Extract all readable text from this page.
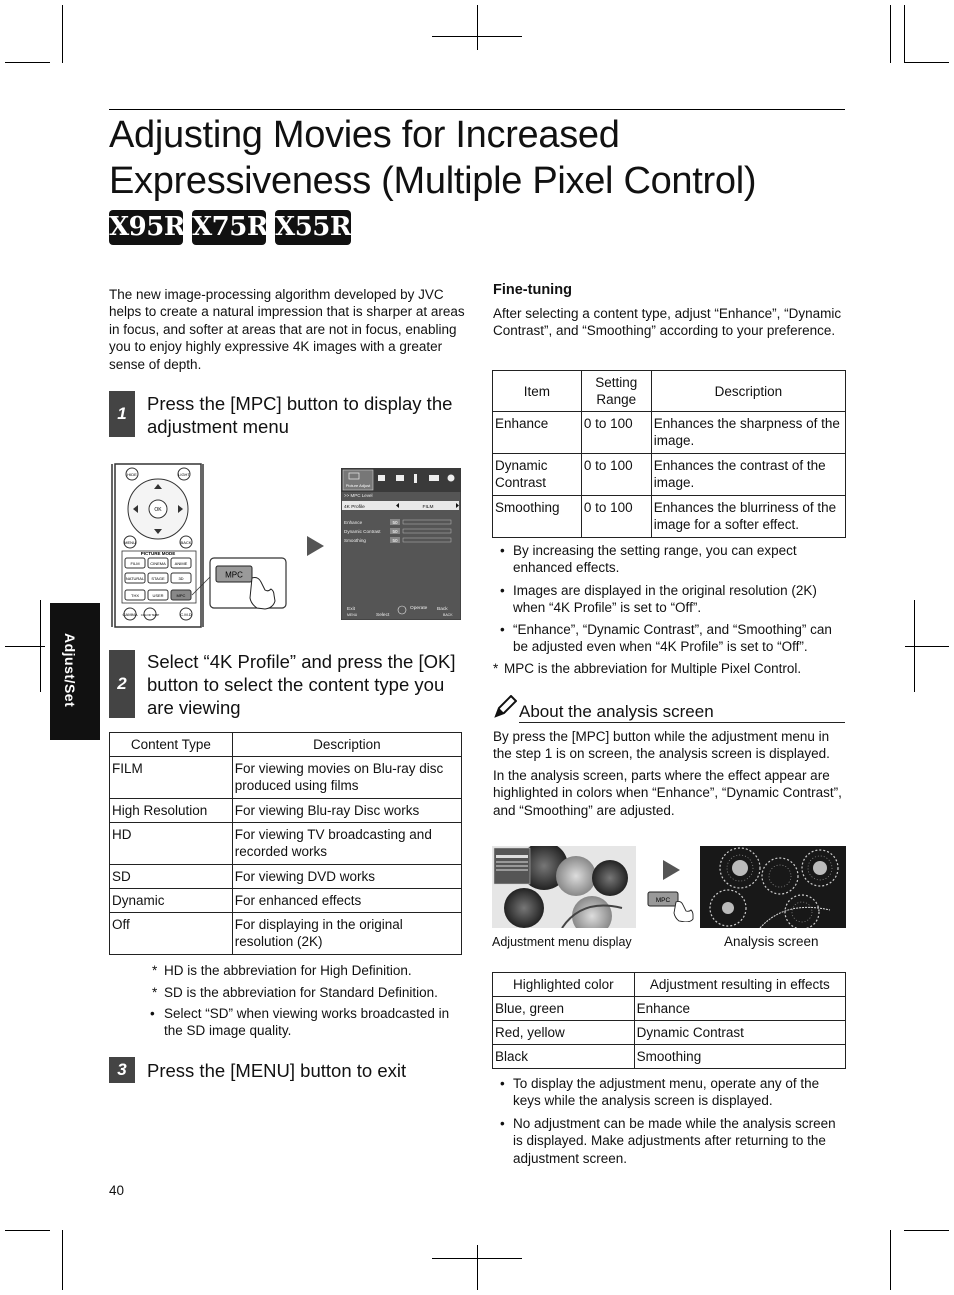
Adjusting Movies for Increased
Expressiveness (Multiple Pixel Control)
X95R X75R X55R
Adjust/Set
The new image-processing algorithm developed by JVC helps to create a natural impression that is sharper at areas in focus, and softer at areas that are not in focus, enabling you to enjoy highly expressive 4K images with a greater sense of depth.
1	Press the [MPC] button to display the adjustment menu
HIDE	LIGHT
OK
MENU	BACK
PICTURE MODE
FILM	CINEMA ANIME
NATURAL STAGE	3D
THX	USER	MPC
GAMMA COLOR TEMP	C.M.D
MPC
Picture Adjust
>> MPC Level
4K Profile	FILM
Enhance	50
Dynamic Contrast	50
Smoothing	50
Exit
MENU	Select
Operate Back
BACK
2
Select “4K Profile” and press the [OK] button to select the content type you are viewing
Content Type	Description
FILM	For viewing movies on Blu-ray disc produced using films
High Resolution	For viewing Blu-ray Disc works
HD	For viewing TV broadcasting and recorded works
SD	For viewing DVD works
Dynamic	For enhanced effects
Off	For displaying in the original resolution (2K)
* HD is the abbreviation for High Definition.
* SD is the abbreviation for Standard Definition.
• Select “SD” when viewing works broadcasted in the SD image quality.
3	Press the [MENU] button to exit
Fine-tuning
After selecting a content type, adjust “Enhance”, “Dynamic Contrast”, and “Smoothing” according to your preference.
Item	Setting Range	Description
Enhance	0 to 100	Enhances the sharpness of the image.
Dynamic Contrast	0 to 100	Enhances the contrast of the image.
Smoothing	0 to 100	Enhances the blurriness of the image for a softer effect.
• By increasing the setting range, you can expect enhanced effects.
• Images are displayed in the original resolution (2K) when “4K Profile” is set to “Off”.
• “Enhance”, “Dynamic Contrast”, and “Smoothing” can be adjusted even when “4K Profile” is set to “Off”.
* MPC is the abbreviation for Multiple Pixel Control.
About the analysis screen
By press the [MPC] button while the adjustment menu in the step 1 is on screen, the analysis screen is displayed.
In the analysis screen, parts where the effect appear are highlighted in colors when “Enhance”, “Dynamic Contrast”, and “Smoothing” are adjusted.
MPC
Adjustment menu display	Analysis screen
Highlighted color	Adjustment resulting in effects
Blue, green	Enhance
Red, yellow	Dynamic Contrast
Black	Smoothing
• To display the adjustment menu, operate any of the keys while the analysis screen is displayed.
• No adjustment can be made while the analysis screen is displayed. Make adjustments after returning to the adjustment screen.
40
